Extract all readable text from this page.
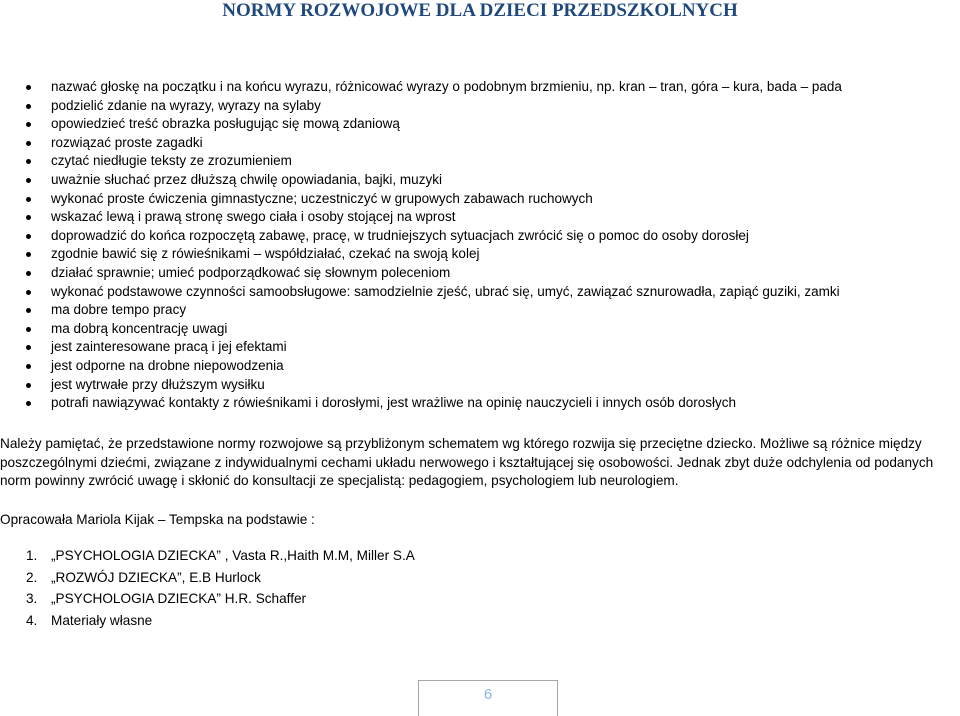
NORMY ROZWOJOWE DLA DZIECI PRZEDSZKOLNYCH
nazwać głoskę na początku i na końcu wyrazu, różnicować wyrazy o podobnym brzmieniu, np. kran – tran, góra – kura, bada – pada
podzielić zdanie na wyrazy, wyrazy na sylaby
opowiedzieć treść obrazka posługując się mową zdaniową
rozwiązać proste zagadki
czytać niedługie teksty ze zrozumieniem
uważnie słuchać przez dłuższą chwilę opowiadania, bajki, muzyki
wykonać proste ćwiczenia gimnastyczne; uczestniczyć w grupowych zabawach ruchowych
wskazać lewą i prawą stronę swego ciała i osoby stojącej na wprost
doprowadzić do końca rozpoczętą zabawę, pracę, w trudniejszych sytuacjach zwrócić się o pomoc do osoby dorosłej
zgodnie bawić się z rówieśnikami – współdziałać, czekać na swoją kolej
działać sprawnie; umieć podporządkować się słownym poleceniom
wykonać podstawowe czynności samoobsługowe: samodzielnie zjeść, ubrać się, umyć, zawiązać sznurowadła, zapiąć guziki, zamki
ma dobre tempo pracy
ma dobrą koncentrację uwagi
jest zainteresowane pracą i jej efektami
jest odporne na drobne niepowodzenia
jest wytrwałe przy dłuższym wysiłku
potrafi nawiązywać kontakty z rówieśnikami i dorosłymi, jest wrażliwe na opinię nauczycieli i innych osób dorosłych
Należy pamiętać, że przedstawione normy rozwojowe są przybliżonym schematem wg którego rozwija się przeciętne dziecko. Możliwe są różnice między
poszczególnymi dziećmi, związane z indywidualnymi cechami układu nerwowego i kształtującej się osobowości. Jednak zbyt duże odchylenia od podanych
norm powinny zwrócić uwagę i skłonić do konsultacji ze specjalistą: pedagogiem, psychologiem lub neurologiem.

Opracowała Mariola Kijak – Tempska na podstawie :

1. „PSYCHOLOGIA DZIECKA” , Vasta R.,Haith M.M, Miller S.A
2. „ROZWÓJ DZIECKA”, E.B Hurlock
3. „PSYCHOLOGIA DZIECKA” H.R. Schaffer
4. Materiały własne
6
